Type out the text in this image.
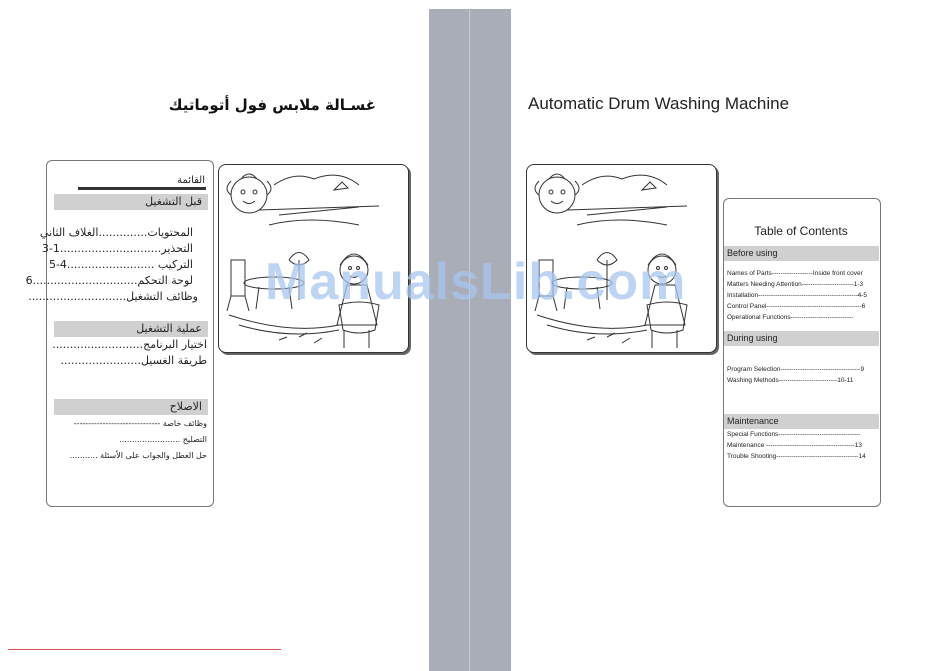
غسـالة ملابس فول أتوماتيك	Automatic Drum Washing Machine
القائمة
قبل التشغيل
المحتويات..............الغلاف الثاني
التحذير.............................1-3
التركيب .........................4-5
لوحة التحكم..............................6
وظائف التشغيل............................
عملية التشغيل
اختيار البرنامج..........................
طريقة الغسيل.......................
الاصلاح
وظائف خاصة ------------------------------
التصليح ........................
حل العطل والجواب على الأسئلة ...........
Table of Contents
Before using
Names of Parts-------------------Inside front cover
Matters Needing Attention------------------------1-3
Installation----------------------------------------------4-5
Control Panel--------------------------------------------6
Operational Functions-----------------------------
During using
Program Selection-------------------------------------9
Washing Methods---------------------------10-11
Maintenance
Special Functions--------------------------------------
Maintenance -----------------------------------------13
Trouble Shooting--------------------------------------14
ManualsLib.com
